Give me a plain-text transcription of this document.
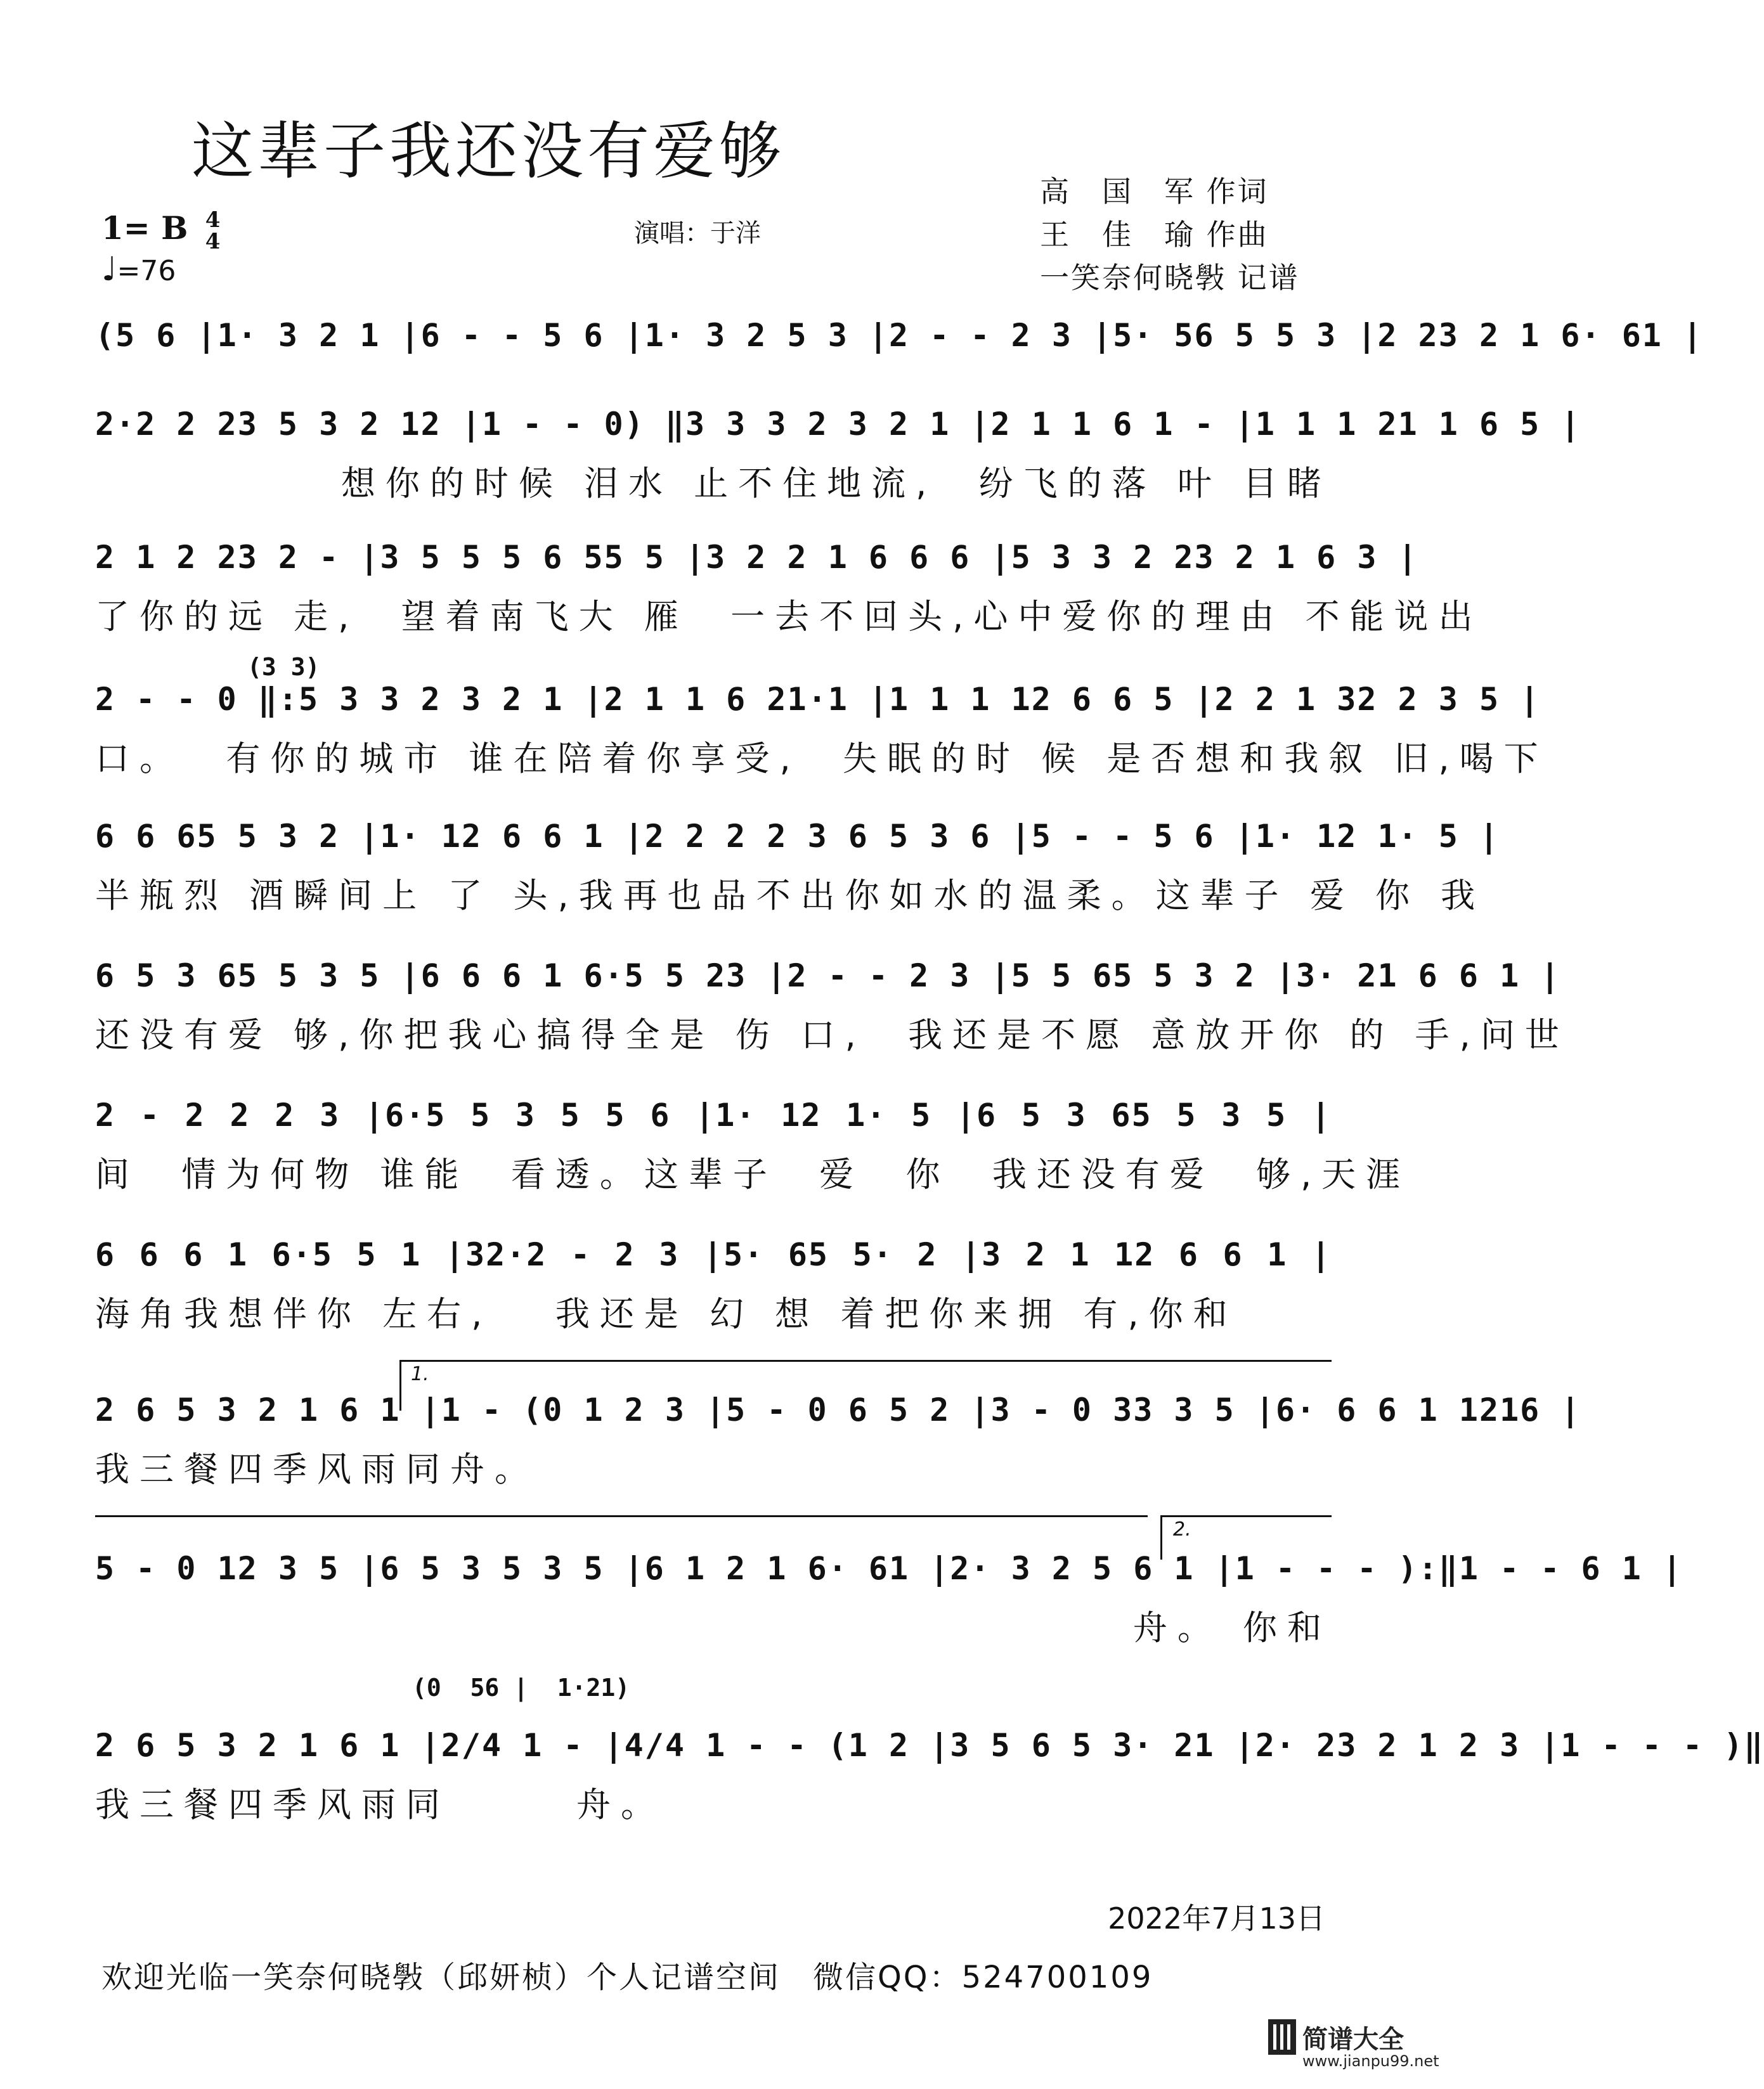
这辈子我还没有爱够
高　国　军 作词
王　佳　瑜 作曲
一笑奈何晓斅 记谱
1= B 4
4
♩=76
演唱：于洋
(5 6 |1· 3 2 1 |6 - - 5 6 |1· 3 2 5 3 |2 - - 2 3 |5· 56 5 5 3 |2 23 2 1 6· 61 |
2·2 2 23 5 3 2 12 |1 - - 0) ‖3 3 3 2 3 2 1 |2 1 1 6 1 - |1 1 1 21 1 6 5 |
想你的时候 泪水 止不住地流,  纷飞的落 叶 目睹
2 1 2 23 2 - |3 5 5 5 6 55 5 |3 2 2 1 6 6 6 |5 3 3 2 23 2 1 6 3 |
了你的远 走,  望着南飞大 雁  一去不回头,心中爱你的理由 不能说出
(3 3)
2 - - 0 ‖:5 3 3 2 3 2 1 |2 1 1 6 21·1 |1 1 1 12 6 6 5 |2 2 1 32 2 3 5 |
口。  有你的城市 谁在陪着你享受,  失眠的时 候 是否想和我叙 旧,喝下
6 6 65 5 3 2 |1· 12 6 6 1 |2 2 2 2 3 6 5 3 6 |5 - - 5 6 |1· 12 1· 5 |
半瓶烈 酒瞬间上 了 头,我再也品不出你如水的温柔。这辈子 爱 你 我
6 5 3 65 5 3 5 |6 6 6 1 6·5 5 23 |2 - - 2 3 |5 5 65 5 3 2 |3· 21 6 6 1 |
还没有爱 够,你把我心搞得全是 伤 口,  我还是不愿 意放开你 的 手,问世
2 - 2 2 2 3 |6·5 5 3 5 5 6 |1· 12 1· 5 |6 5 3 65 5 3 5 |
间  情为何物 谁能  看透。这辈子  爱  你  我还没有爱  够,天涯
6 6 6 1 6·5 5 1 |32·2 - 2 3 |5· 65 5· 2 |3 2 1 12 6 6 1 |
海角我想伴你 左右,   我还是 幻 想 着把你来拥 有,你和
1.
2 6 5 3 2 1 6 1 |1 - (0 1 2 3 |5 - 0 6 5 2 |3 - 0 33 3 5 |6· 6 6 1 1216 |
我三餐四季风雨同舟。
2.
5 - 0 12 3 5 |6 5 3 5 3 5 |6 1 2 1 6· 61 |2· 3 2 5 6 1 |1 - - - ):‖1 - - 6 1 |
舟。 你和
(0  56 |  1·21)
2 6 5 3 2 1 6 1 |2/4 1 - |4/4 1 - - (1 2 |3 5 6 5 3· 21 |2· 23 2 1 2 3 |1 - - - )‖
我三餐四季风雨同      舟。
2022年7月13日
欢迎光临一笑奈何晓斅（邱妍桢）个人记谱空间　微信QQ：524700109
简谱大全
www.jianpu99.net
